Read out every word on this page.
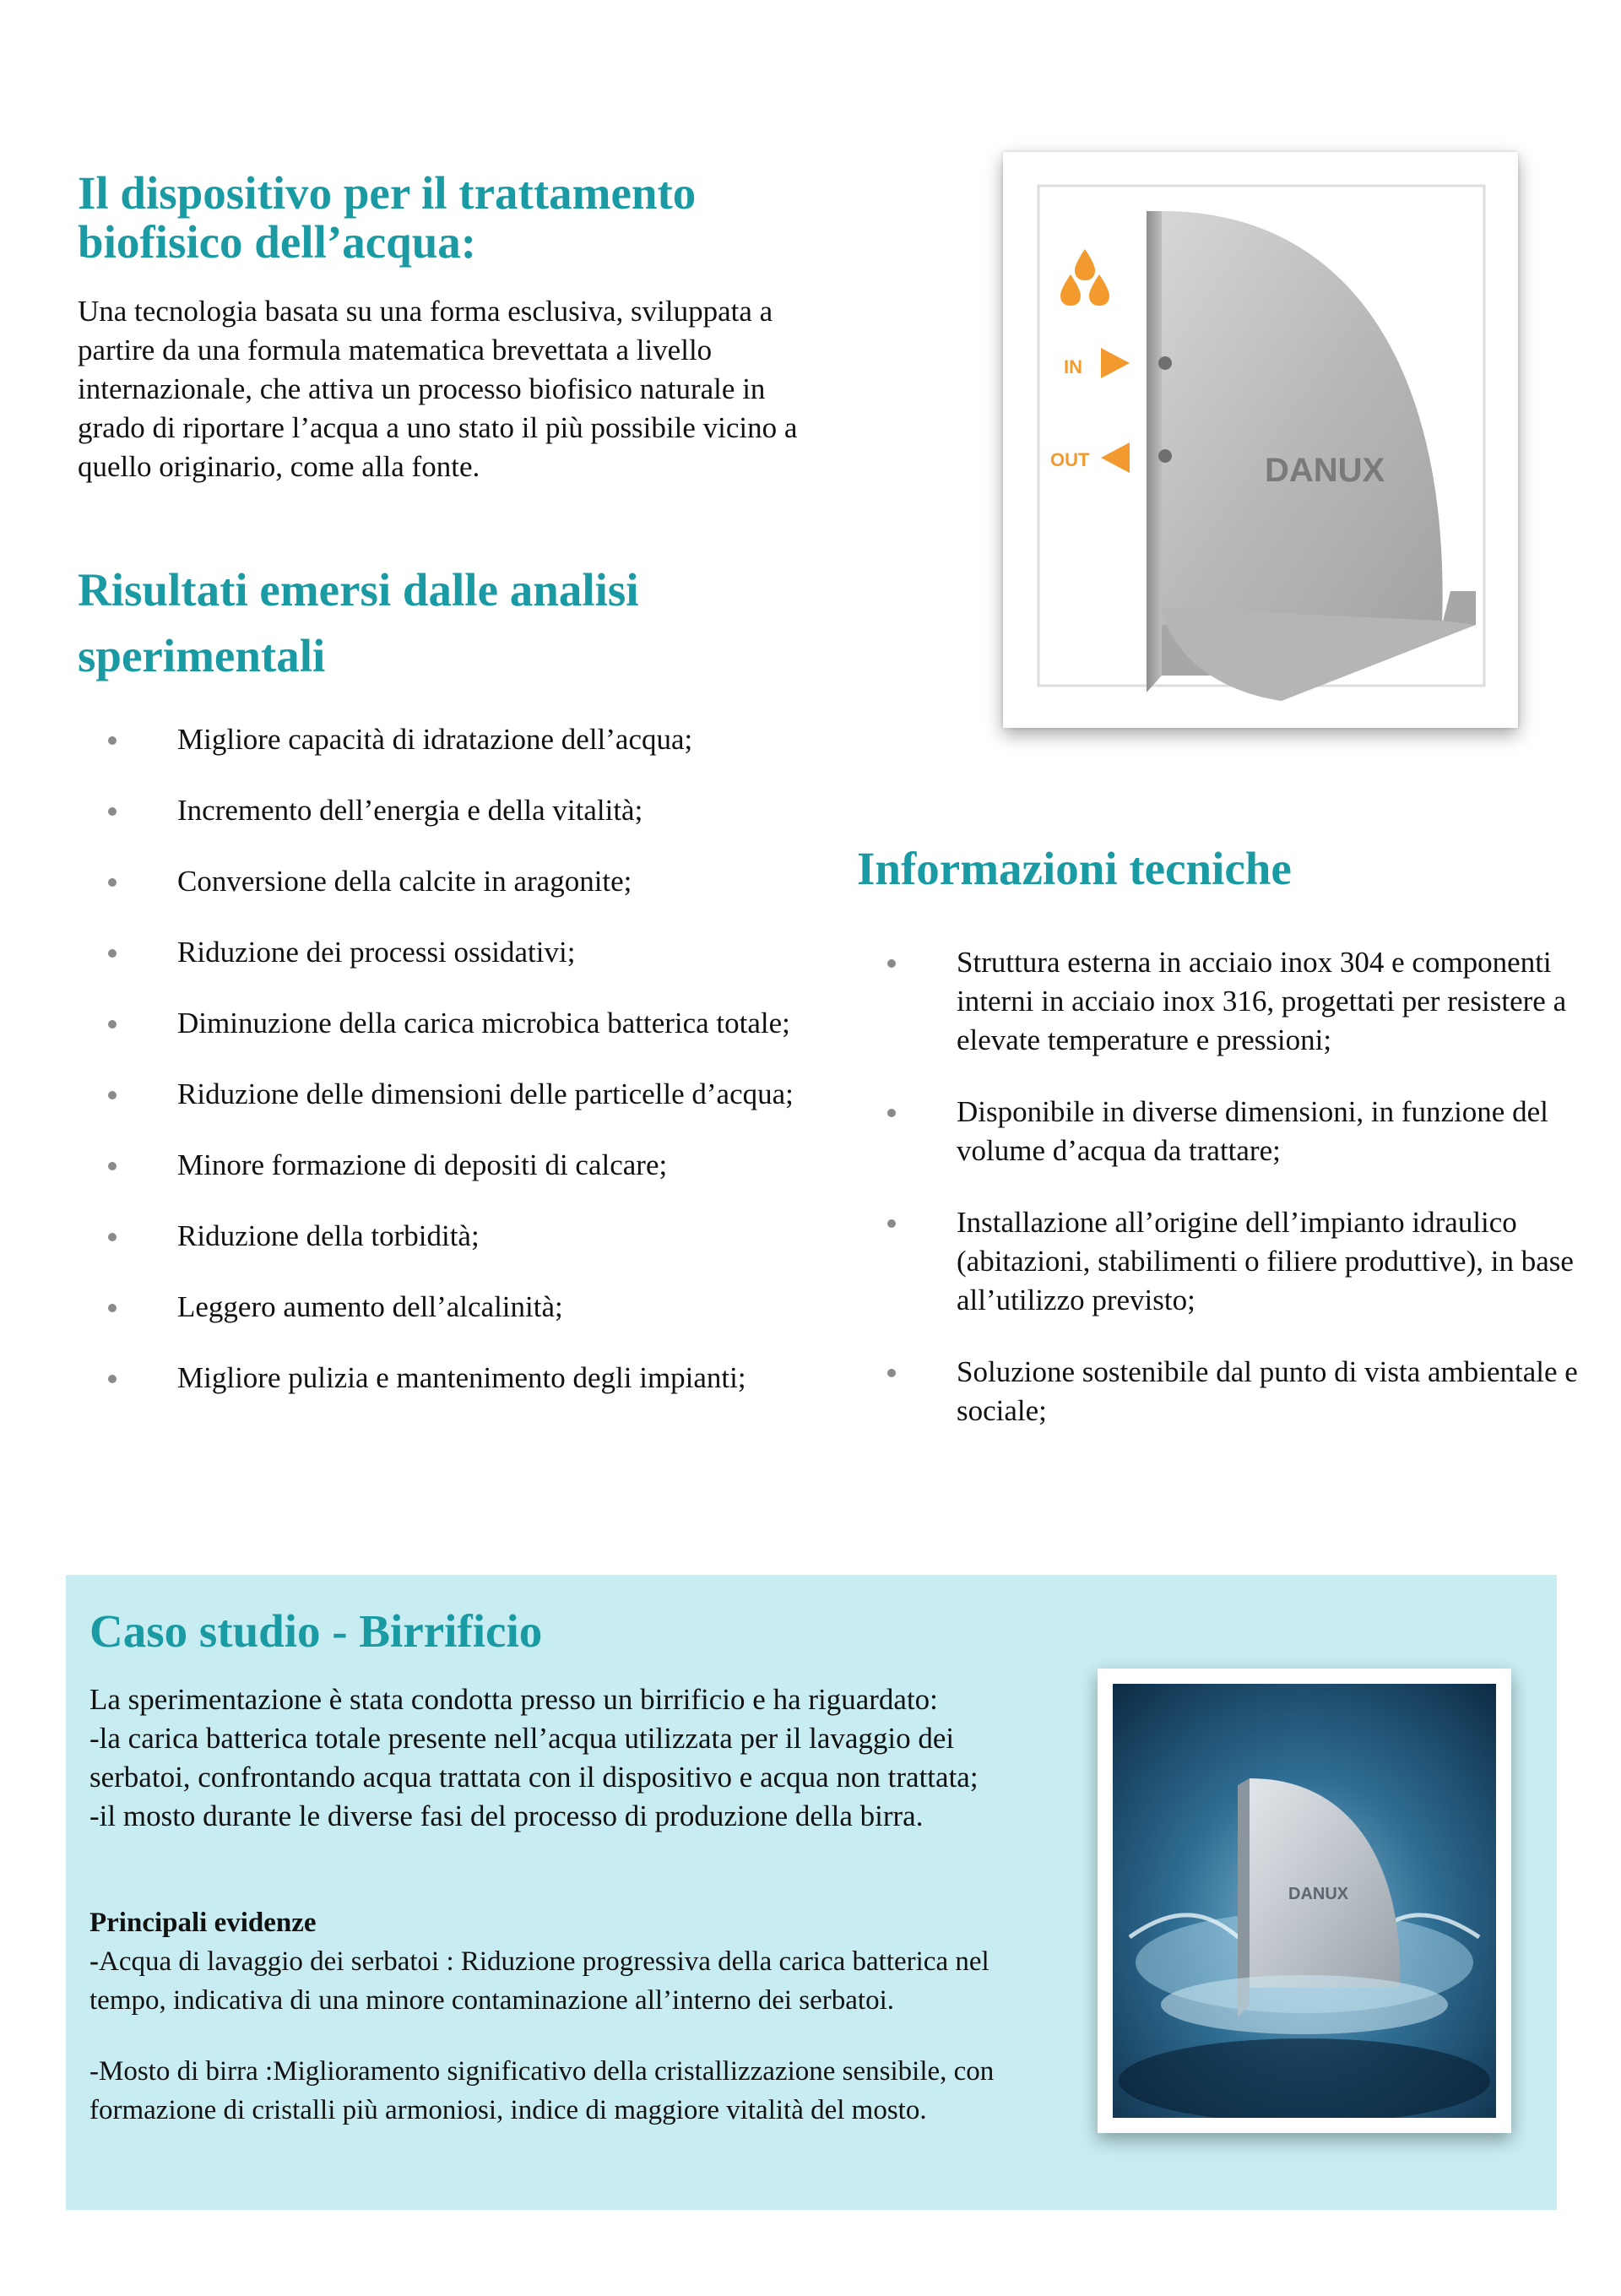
Il dispositivo per il trattamento biofisico dell’acqua:
Una tecnologia basata su una forma esclusiva, sviluppata a partire da una formula matematica brevettata a livello internazionale, che attiva un processo biofisico naturale in grado di riportare l’acqua a uno stato il più possibile vicino a quello originario, come alla fonte.
Risultati emersi dalle analisi sperimentali
Migliore capacità di idratazione dell’acqua;
Incremento dell’energia e della vitalità;
Conversione della calcite in aragonite;
Riduzione dei processi ossidativi;
Diminuzione della carica microbica batterica totale;
Riduzione delle dimensioni delle particelle d’acqua;
Minore formazione di depositi di calcare;
Riduzione della torbidità;
Leggero aumento dell’alcalinità;
Migliore pulizia e mantenimento degli impianti;
DANUX
IN
OUT
Informazioni tecniche
Struttura esterna in acciaio inox 304 e componenti interni in acciaio inox 316, progettati per resistere a elevate temperature e pressioni;
Disponibile in diverse dimensioni, in funzione del volume d’acqua da trattare;
Installazione all’origine dell’impianto idraulico (abitazioni, stabilimenti o filiere produttive), in base all’utilizzo previsto;
Soluzione sostenibile dal punto di vista ambientale e sociale;
Caso studio - Birrificio

La sperimentazione è stata condotta presso un birrificio e ha riguardato:

-la carica batterica totale presente nell’acqua utilizzata per il lavaggio dei serbatoi, confrontando acqua trattata con il dispositivo e acqua non trattata;

-il mosto durante le diverse fasi del processo di produzione della birra.

Principali evidenze
-Acqua di lavaggio dei serbatoi : Riduzione progressiva della carica batterica nel tempo, indicativa di una minore contaminazione all’interno dei serbatoi.
-Mosto di birra :Miglioramento significativo della cristallizzazione sensibile, con formazione di cristalli più armoniosi, indice di maggiore vitalità del mosto.
DANUX
